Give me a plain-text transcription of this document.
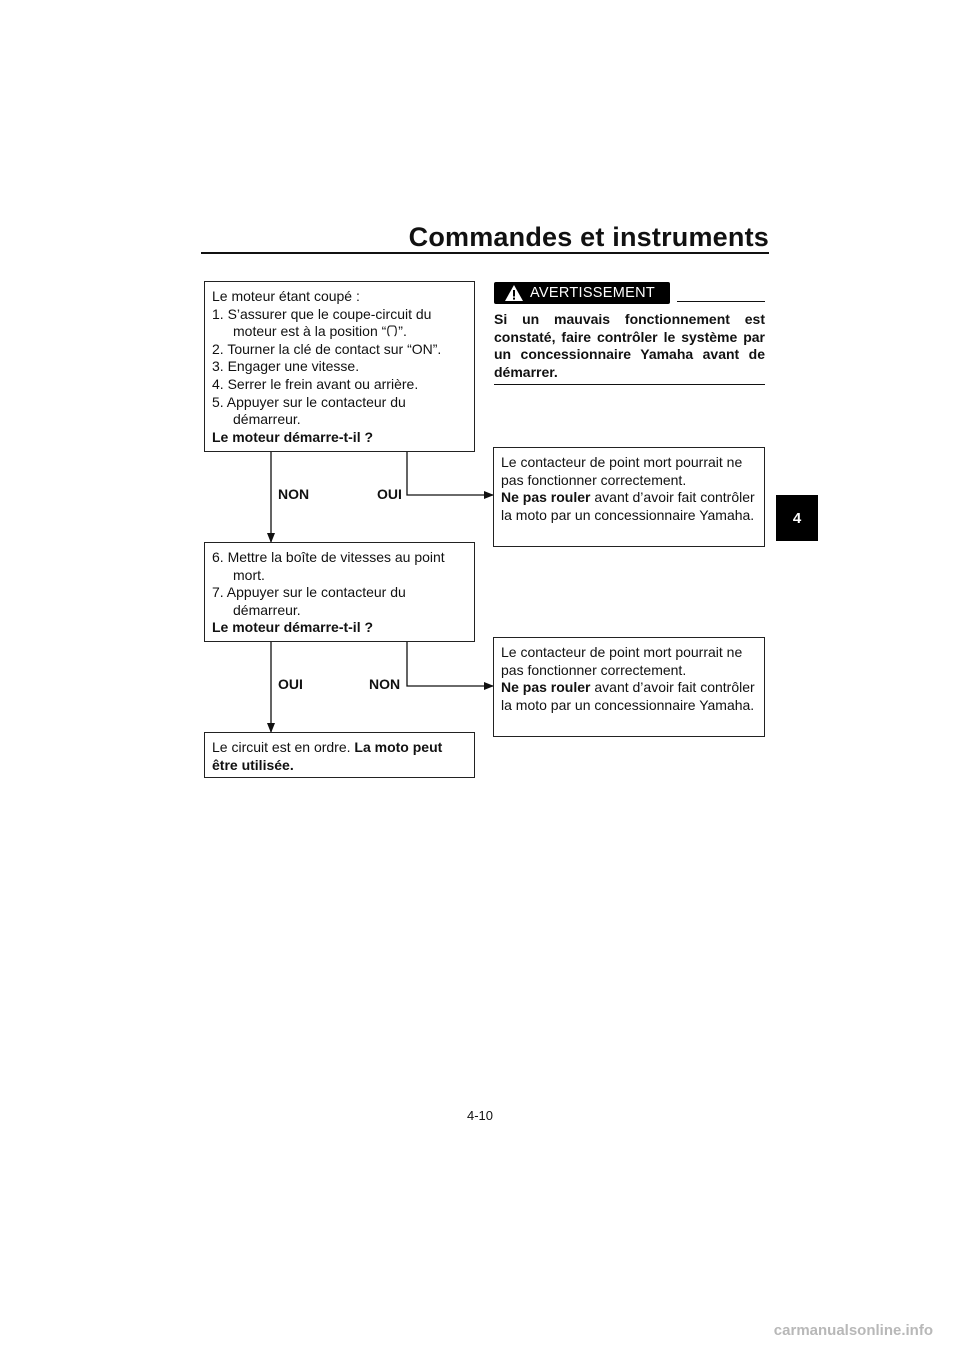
Commandes et instruments
4

Le moteur étant coupé :

1. S’assurer que le coupe-circuit du moteur est à la position “ ”.

2. Tourner la clé de contact sur “ON”.

3. Engager une vitesse.

4. Serrer le frein avant ou arrière.

5. Appuyer sur le contacteur du démarreur.

Le moteur démarre-t-il ?

NON	OUI

6. Mettre la boîte de vitesses au point mort.

7. Appuyer sur le contacteur du démarreur.

Le moteur démarre-t-il ?

OUI	NON

Le circuit est en ordre. La moto peut être utilisée.

AVERTISSEMENT
Si un mauvais fonctionnement est constaté, faire contrôler le système par un concessionnaire Yamaha avant de démarrer.

Le contacteur de point mort pourrait ne pas fonctionner correctement.

Ne pas rouler avant d’avoir fait contrôler la moto par un concessionnaire Yamaha.

Le contacteur de point mort pourrait ne pas fonctionner correctement.

Ne pas rouler avant d’avoir fait contrôler la moto par un concessionnaire Yamaha.

4-10
carmanualsonline.info
